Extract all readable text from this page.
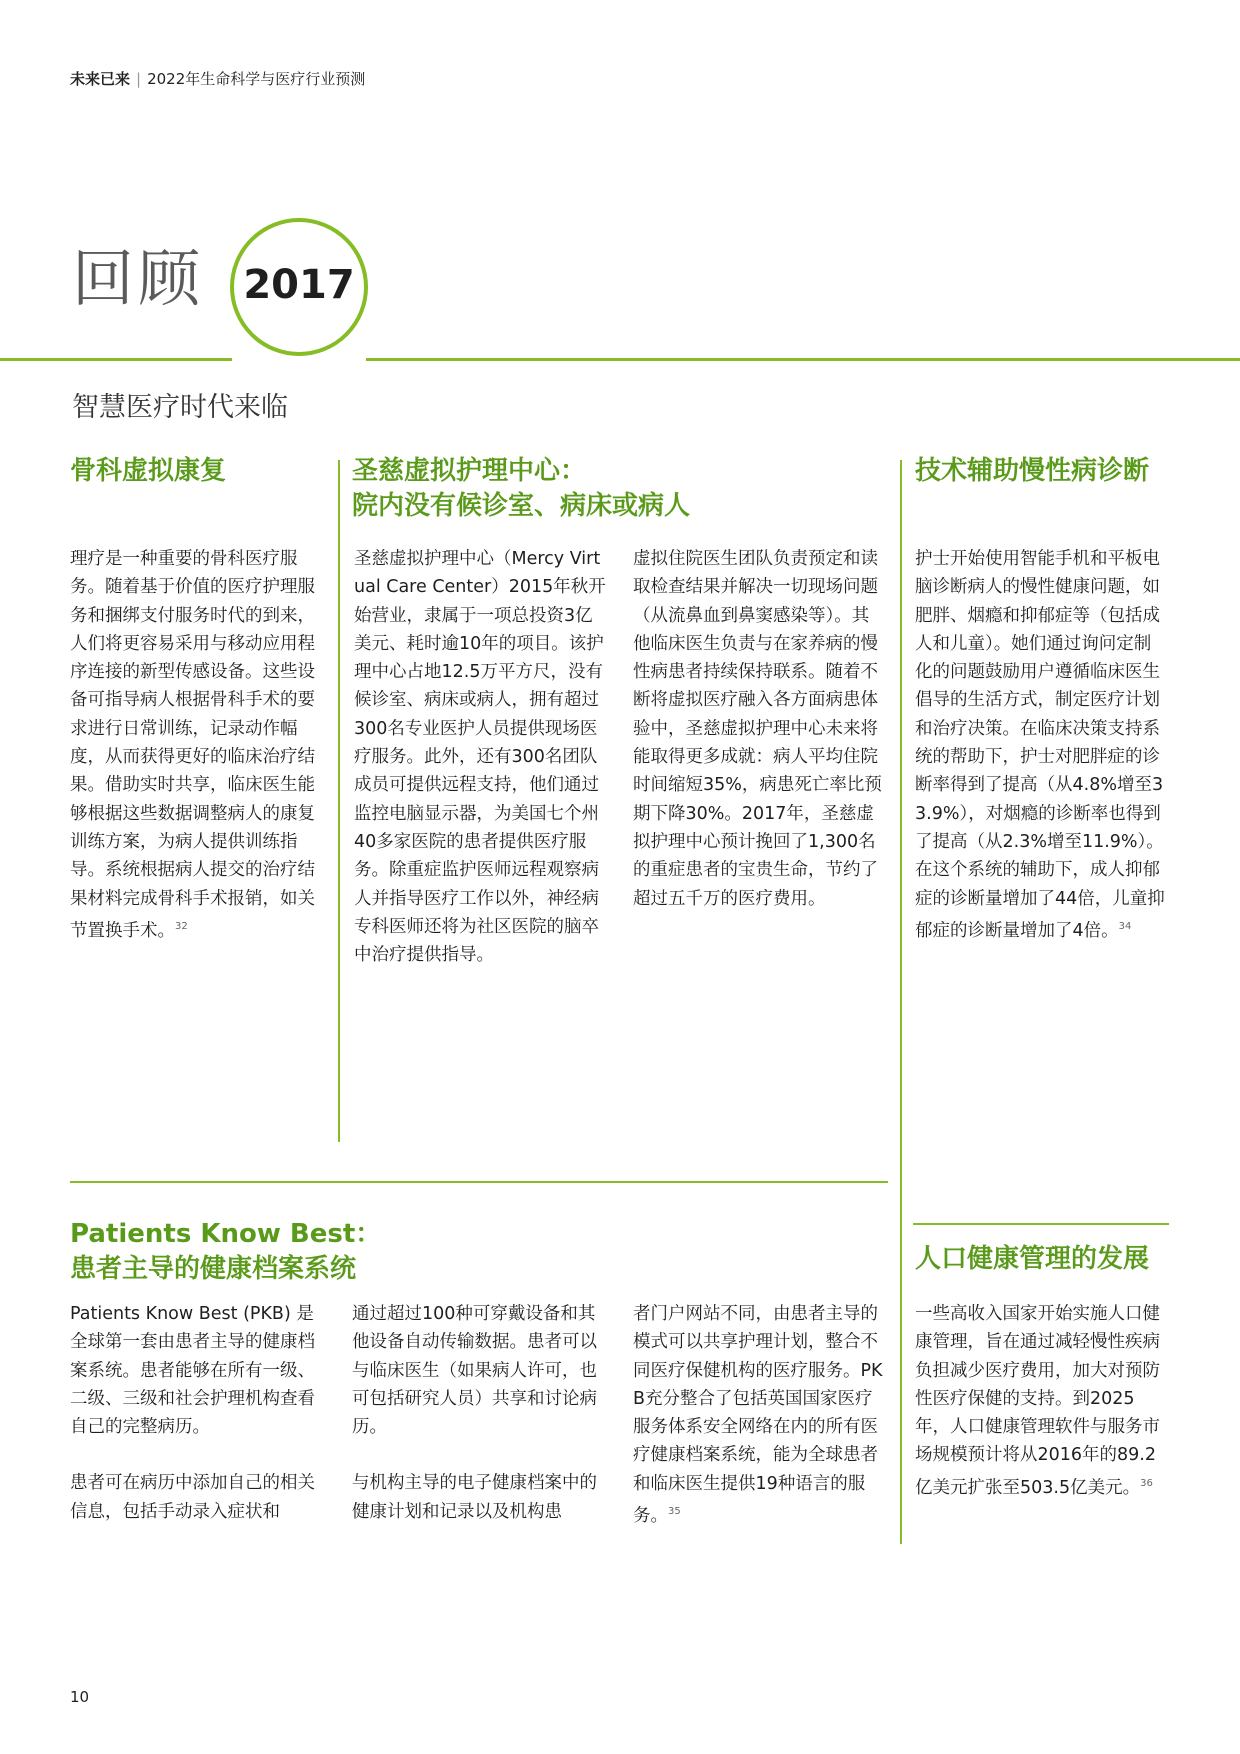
未来已来 | 2022年生命科学与医疗行业预测
回顾 2017
智慧医疗时代来临
骨科虚拟康复
理疗是一种重要的骨科医疗服务。随着基于价值的医疗护理服务和捆绑支付服务时代的到来，人们将更容易采用与移动应用程序连接的新型传感设备。这些设备可指导病人根据骨科手术的要求进行日常训练，记录动作幅度，从而获得更好的临床治疗结果。借助实时共享，临床医生能够根据这些数据调整病人的康复训练方案，为病人提供训练指导。系统根据病人提交的治疗结果材料完成骨科手术报销，如关节置换手术。$^{32}$
圣慈虚拟护理中心：
院内没有候诊室、病床或病人
圣慈虚拟护理中心（Mercy Virtual Care Center）2015年秋开始营业，隶属于一项总投资3亿美元、耗时逾10年的项目。该护理中心占地12.5万平方尺，没有候诊室、病床或病人，拥有超过300名专业医护人员提供现场医疗服务。此外，还有300名团队成员可提供远程支持，他们通过监控电脑显示器，为美国七个州40多家医院的患者提供医疗服务。除重症监护医师远程观察病人并指导医疗工作以外，神经病专科医师还将为社区医院的脑卒中治疗提供指导。
虚拟住院医生团队负责预定和读取检查结果并解决一切现场问题（从流鼻血到鼻窦感染等）。其他临床医生负责与在家养病的慢性病患者持续保持联系。随着不断将虚拟医疗融入各方面病患体验中，圣慈虚拟护理中心未来将能取得更多成就：病人平均住院时间缩短35%，病患死亡率比预期下降30%。2017年，圣慈虚拟护理中心预计挽回了1,300名的重症患者的宝贵生命，节约了超过五千万的医疗费用。
技术辅助慢性病诊断
护士开始使用智能手机和平板电脑诊断病人的慢性健康问题，如肥胖、烟瘾和抑郁症等（包括成人和儿童）。她们通过询问定制化的问题鼓励用户遵循临床医生倡导的生活方式，制定医疗计划和治疗决策。在临床决策支持系统的帮助下，护士对肥胖症的诊断率得到了提高（从4.8%增至33.9%），对烟瘾的诊断率也得到了提高（从2.3%增至11.9%）。在这个系统的辅助下，成人抑郁症的诊断量增加了44倍，儿童抑郁症的诊断量增加了4倍。$^{34}$
Patients Know Best：
患者主导的健康档案系统

Patients Know Best (PKB) 是全球第一套由患者主导的健康档案系统。患者能够在所有一级、二级、三级和社会护理机构查看自己的完整病历。

患者可在病历中添加自己的相关信息，包括手动录入症状和

通过超过100种可穿戴设备和其他设备自动传输数据。患者可以与临床医生（如果病人许可，也可包括研究人员）共享和讨论病历。

与机构主导的电子健康档案中的健康计划和记录以及机构患

者门户网站不同，由患者主导的模式可以共享护理计划，整合不同医疗保健机构的医疗服务。PKB充分整合了包括英国国家医疗服务体系安全网络在内的所有医疗健康档案系统，能为全球患者和临床医生提供19种语言的服务。$^{35}$
人口健康管理的发展
一些高收入国家开始实施人口健康管理，旨在通过减轻慢性疾病负担减少医疗费用，加大对预防性医疗保健的支持。到2025年，人口健康管理软件与服务市场规模预计将从2016年的89.2亿美元扩张至503.5亿美元。$^{36}$
10
